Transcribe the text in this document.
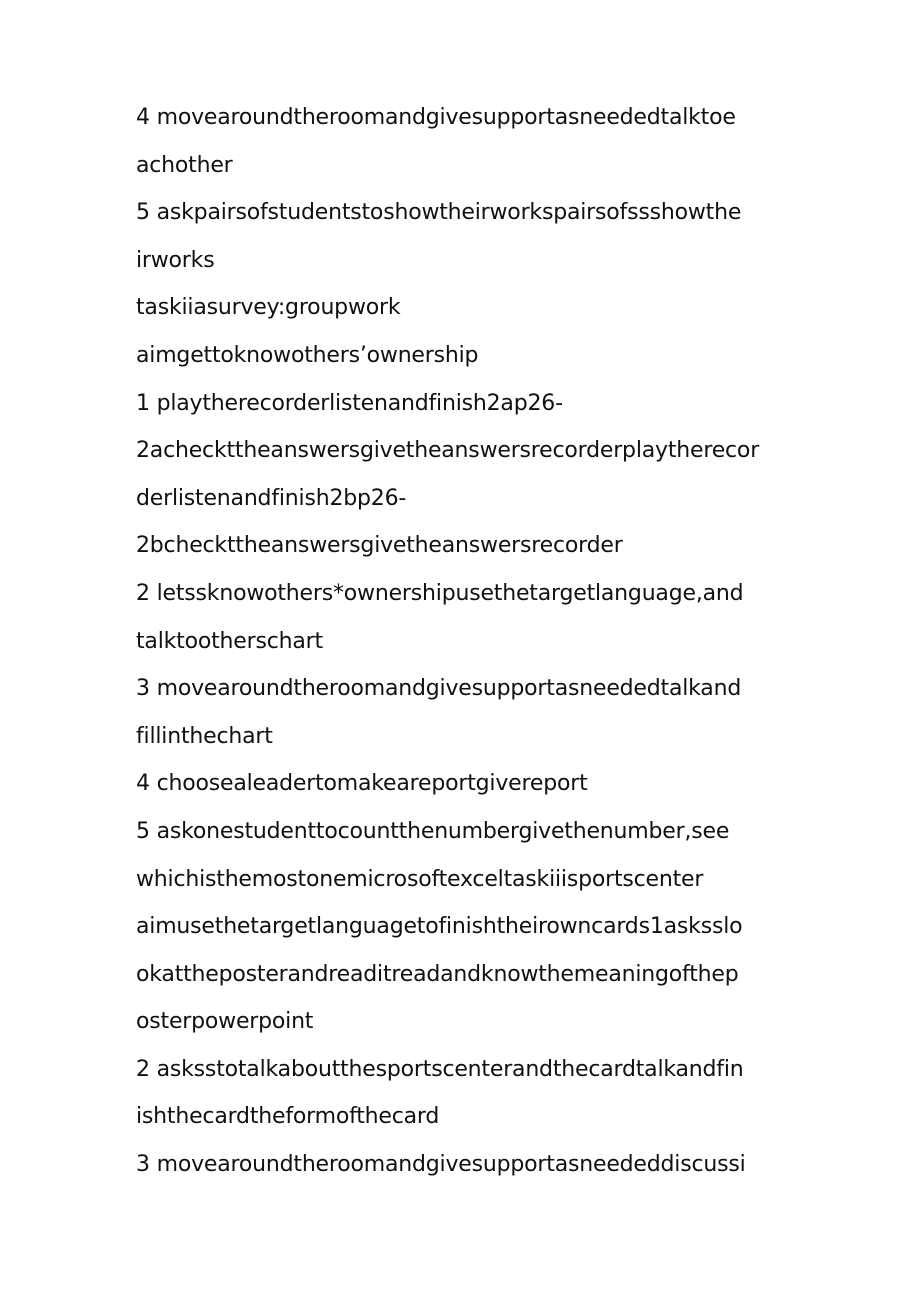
4 movearoundtheroomandgivesupportasneededtalktoe
achother
5 askpairsofstudentstoshowtheirworkspairsofssshowthe
irworks
taskiiasurvey:groupwork
aimgettoknowothers’ownership
1 playtherecorderlistenandfinish2ap26-
2acheckttheanswersgivetheanswersrecorderplaytherecor
derlistenandfinish2bp26-
2bcheckttheanswersgivetheanswersrecorder
2 letssknowothers*ownershipusethetargetlanguage,and
talktootherschart
3 movearoundtheroomandgivesupportasneededtalkand
fillinthechart
4 choosealeadertomakeareportgivereport
5 askonestudenttocountthenumbergivethenumber,see
whichisthemostonemicrosoftexceltaskiiisportscenter
aimusethetargetlanguagetofinishtheirowncards1asksslo
okattheposterandreaditreadandknowthemeaningofthep
osterpowerpoint
2 asksstotalkaboutthesportscenterandthecardtalkandfin
ishthecardtheformofthecard
3 movearoundtheroomandgivesupportasneededdiscussi
